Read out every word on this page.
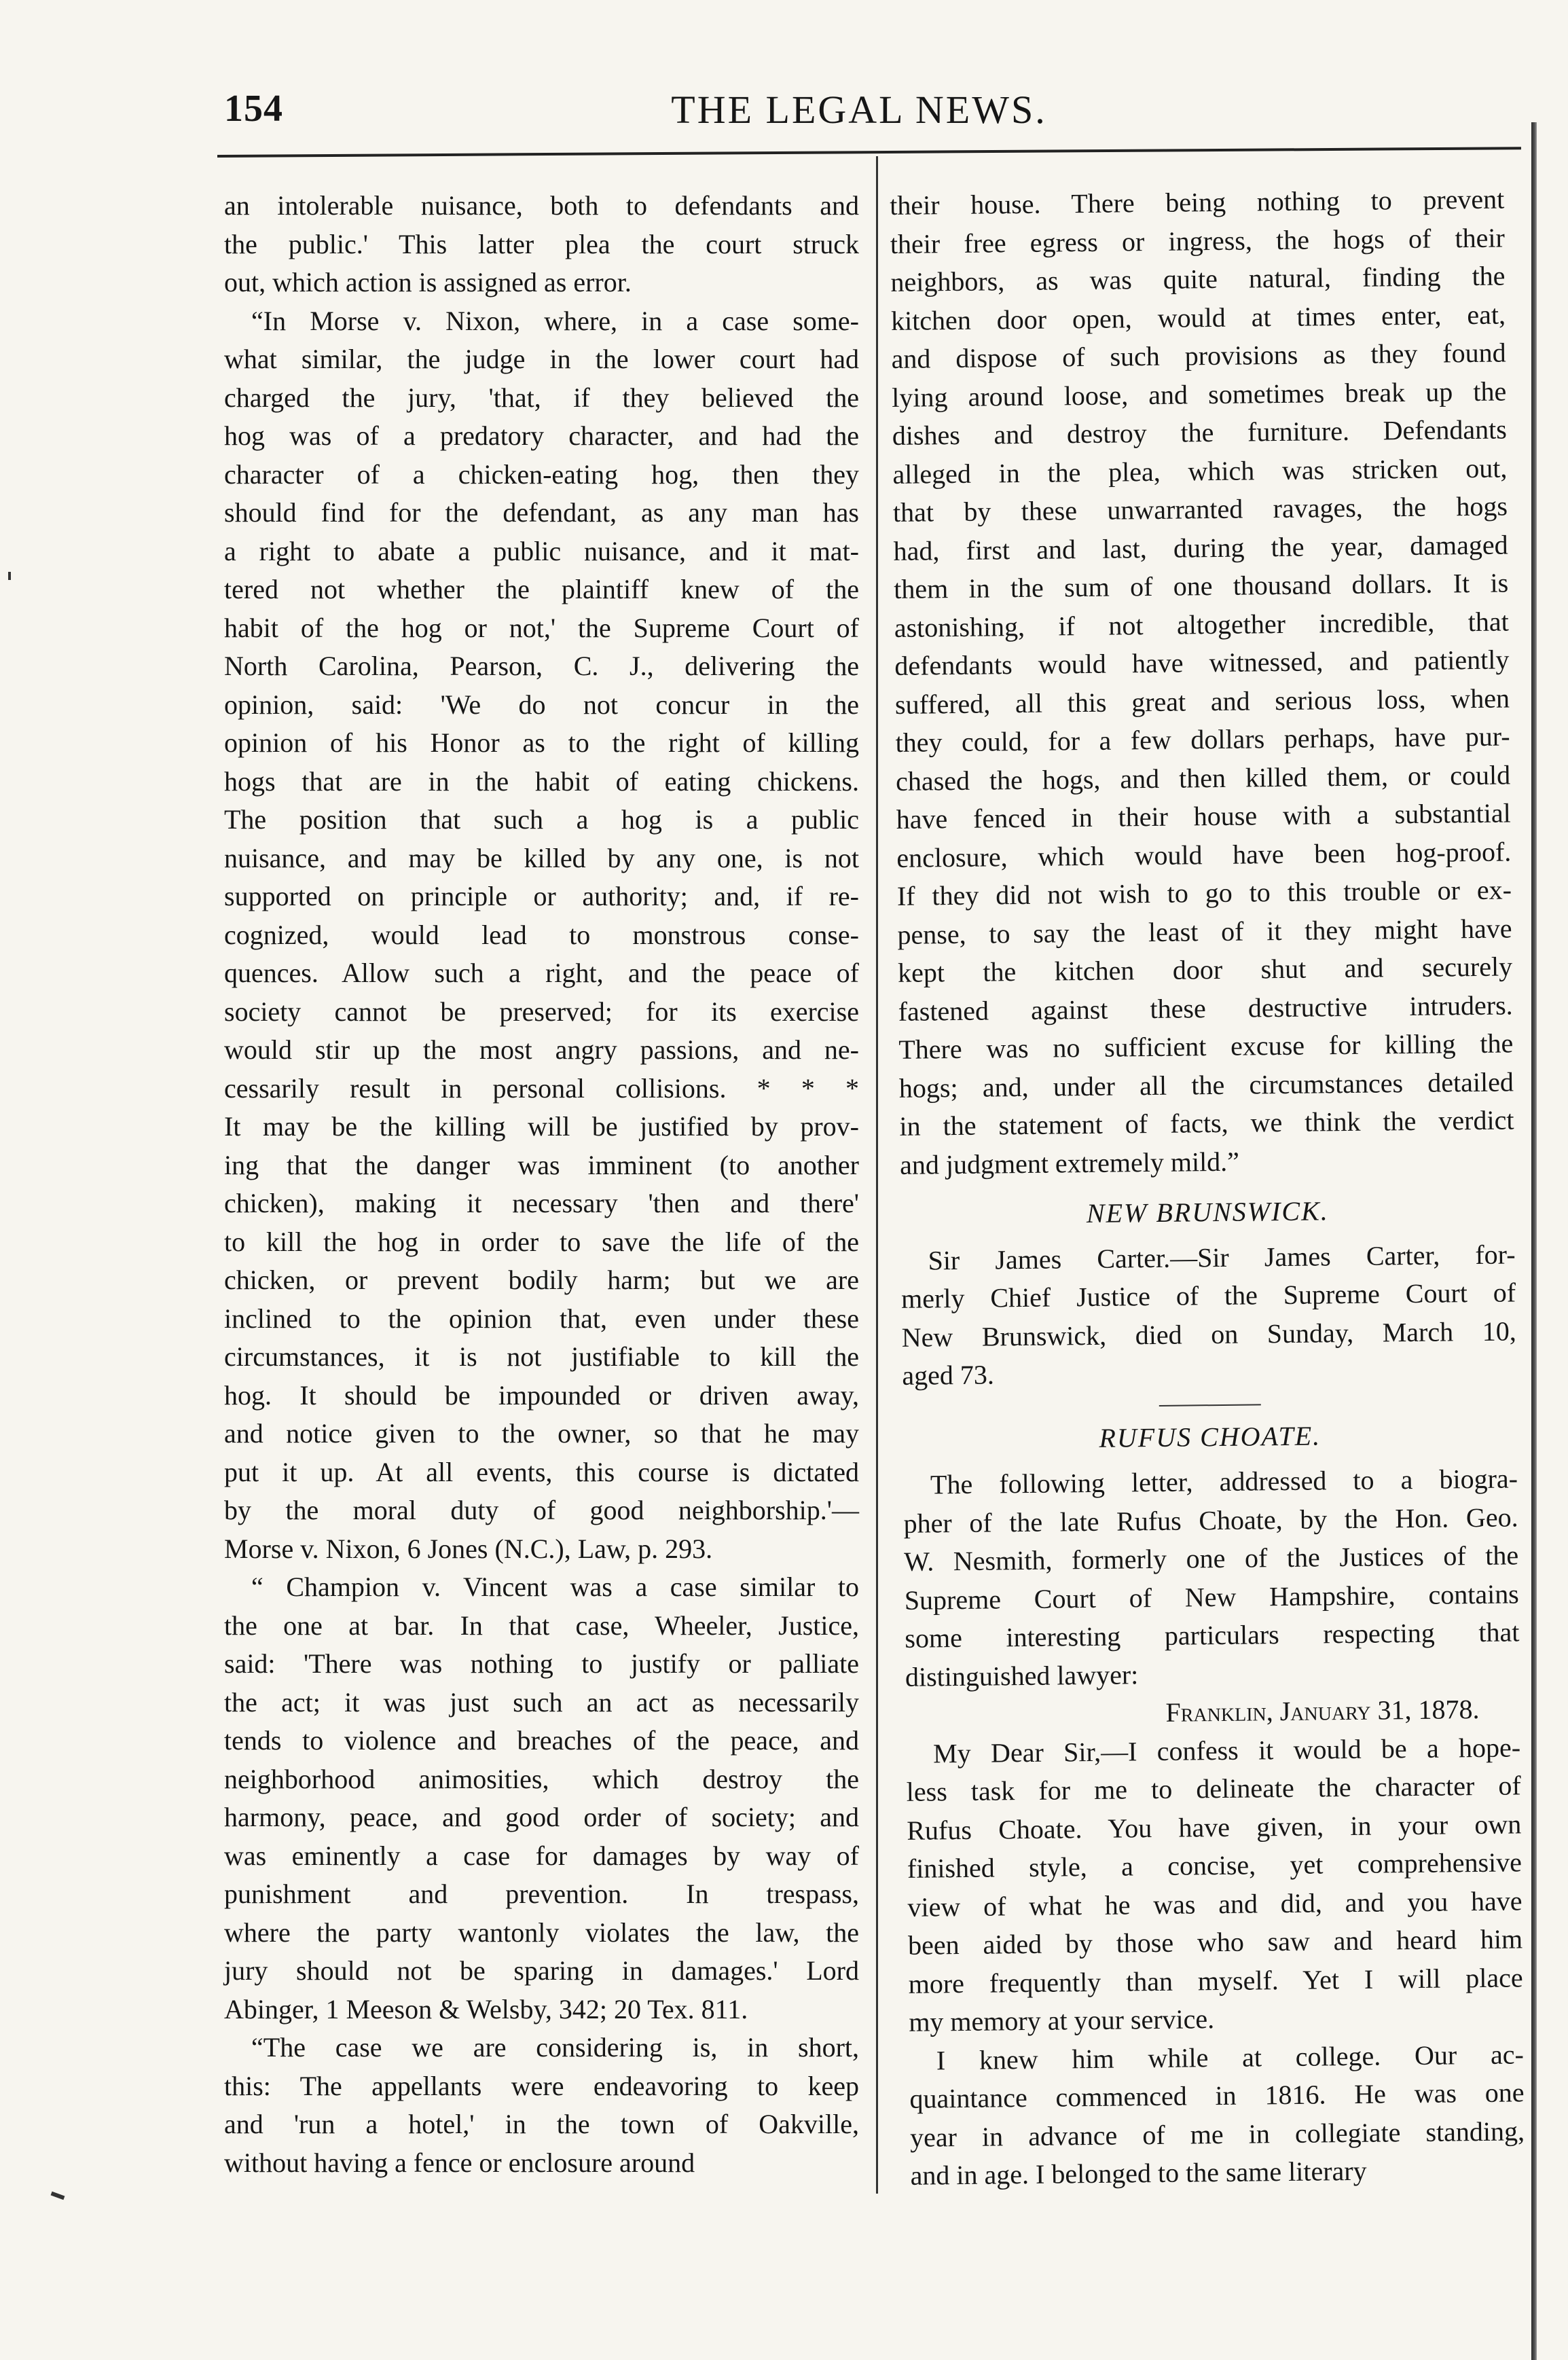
154	THE LEGAL NEWS.
an intolerable nuisance, both to defendants and
the public.' This latter plea the court struck
out, which action is assigned as error.
“In Morse v. Nixon, where, in a case some-
what similar, the judge in the lower court had
charged the jury, 'that, if they believed the
hog was of a predatory character, and had the
character of a chicken-eating hog, then they
should find for the defendant, as any man has
a right to abate a public nuisance, and it mat-
tered not whether the plaintiff knew of the
habit of the hog or not,' the Supreme Court of
North Carolina, Pearson, C. J., delivering the
opinion, said: 'We do not concur in the
opinion of his Honor as to the right of killing
hogs that are in the habit of eating chickens.
The position that such a hog is a public
nuisance, and may be killed by any one, is not
supported on principle or authority; and, if re-
cognized, would lead to monstrous conse-
quences. Allow such a right, and the peace of
society cannot be preserved; for its exercise
would stir up the most angry passions, and ne-
cessarily result in personal collisions. * * *
It may be the killing will be justified by prov-
ing that the danger was imminent (to another
chicken), making it necessary 'then and there'
to kill the hog in order to save the life of the
chicken, or prevent bodily harm; but we are
inclined to the opinion that, even under these
circumstances, it is not justifiable to kill the
hog. It should be impounded or driven away,
and notice given to the owner, so that he may
put it up. At all events, this course is dictated
by the moral duty of good neighborship.'—
Morse v. Nixon, 6 Jones (N.C.), Law, p. 293.
“ Champion v. Vincent was a case similar to
the one at bar. In that case, Wheeler, Justice,
said: 'There was nothing to justify or palliate
the act; it was just such an act as necessarily
tends to violence and breaches of the peace, and
neighborhood animosities, which destroy the
harmony, peace, and good order of society; and
was eminently a case for damages by way of
punishment and prevention. In trespass,
where the party wantonly violates the law, the
jury should not be sparing in damages.' Lord
Abinger, 1 Meeson & Welsby, 342; 20 Tex. 811.
“The case we are considering is, in short,
this: The appellants were endeavoring to keep
and 'run a hotel,' in the town of Oakville,
without having a fence or enclosure around
their house. There being nothing to prevent
their free egress or ingress, the hogs of their
neighbors, as was quite natural, finding the
kitchen door open, would at times enter, eat,
and dispose of such provisions as they found
lying around loose, and sometimes break up the
dishes and destroy the furniture. Defendants
alleged in the plea, which was stricken out,
that by these unwarranted ravages, the hogs
had, first and last, during the year, damaged
them in the sum of one thousand dollars. It is
astonishing, if not altogether incredible, that
defendants would have witnessed, and patiently
suffered, all this great and serious loss, when
they could, for a few dollars perhaps, have pur-
chased the hogs, and then killed them, or could
have fenced in their house with a substantial
enclosure, which would have been hog-proof.
If they did not wish to go to this trouble or ex-
pense, to say the least of it they might have
kept the kitchen door shut and securely
fastened against these destructive intruders.
There was no sufficient excuse for killing the
hogs; and, under all the circumstances detailed
in the statement of facts, we think the verdict
and judgment extremely mild.”
NEW BRUNSWICK.
Sir James Carter.—Sir James Carter, for-
merly Chief Justice of the Supreme Court of
New Brunswick, died on Sunday, March 10,
aged 73.
RUFUS CHOATE.
The following letter, addressed to a biogra-
pher of the late Rufus Choate, by the Hon. Geo.
W. Nesmith, formerly one of the Justices of the
Supreme Court of New Hampshire, contains
some interesting particulars respecting that
distinguished lawyer:
Franklin, January 31, 1878.
My Dear Sir,—I confess it would be a hope-
less task for me to delineate the character of
Rufus Choate. You have given, in your own
finished style, a concise, yet comprehensive
view of what he was and did, and you have
been aided by those who saw and heard him
more frequently than myself. Yet I will place
my memory at your service.
I knew him while at college. Our ac-
quaintance commenced in 1816. He was one
year in advance of me in collegiate standing,
and in age. I belonged to the same literary
